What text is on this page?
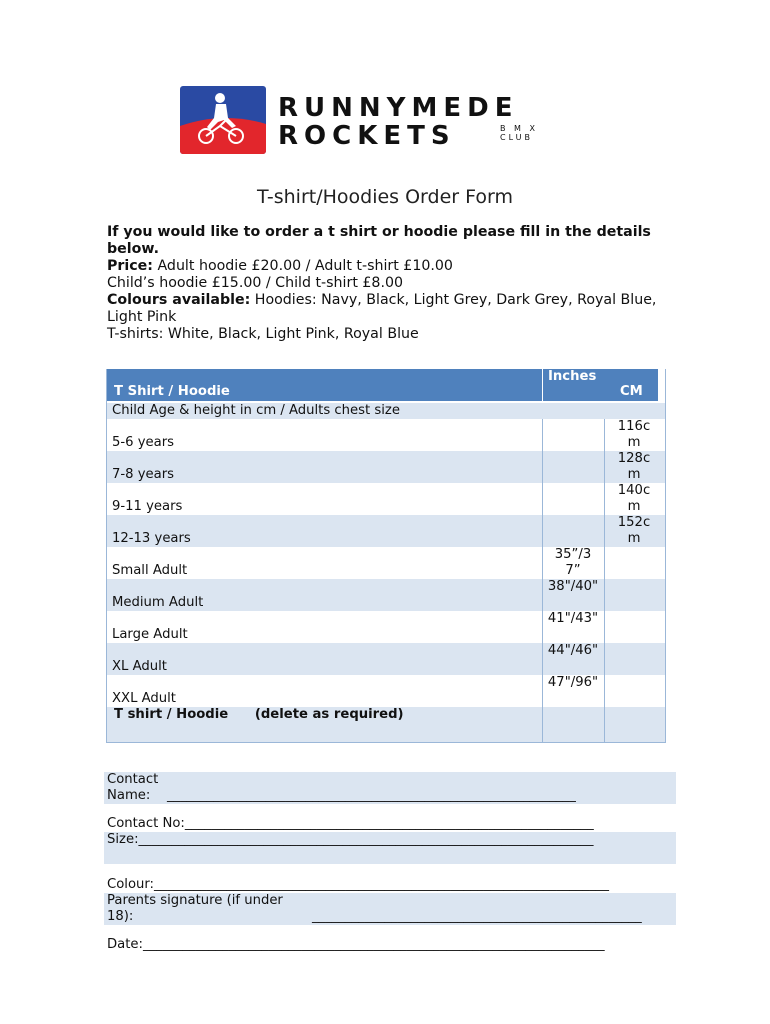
RUNNYMEDE
ROCKETS	B M X
CLUB
T-shirt/Hoodies Order Form

If you would like to order a t shirt or hoodie please fill in the details below.

Price: Adult hoodie £20.00 / Adult t-shirt £10.00

Child’s hoodie £15.00 / Child t-shirt £8.00

Colours available: Hoodies: Navy, Black, Light Grey, Dark Grey, Royal Blue, Light Pink

T-shirts: White, Black, Light Pink, Royal Blue

T Shirt / Hoodie
Inches
CM
Child Age & height in cm / Adults chest size
5-6 years
116cm
7-8 years
128cm
9-11 years
140cm
12-13 years
152cm
Small Adult
35”/37”
Medium Adult
38"/40"
Large Adult
41"/43"
XL Adult
44"/46"
XXL Adult
47"/96"
T shirt / Hoodie (delete as required)
Contact Name: ______________________________________________________________
Contact No:______________________________________________________________
Size:_____________________________________________________________________
Colour:_____________________________________________________________________
Parents signature (if under 18):	__________________________________________________
Date:______________________________________________________________________
